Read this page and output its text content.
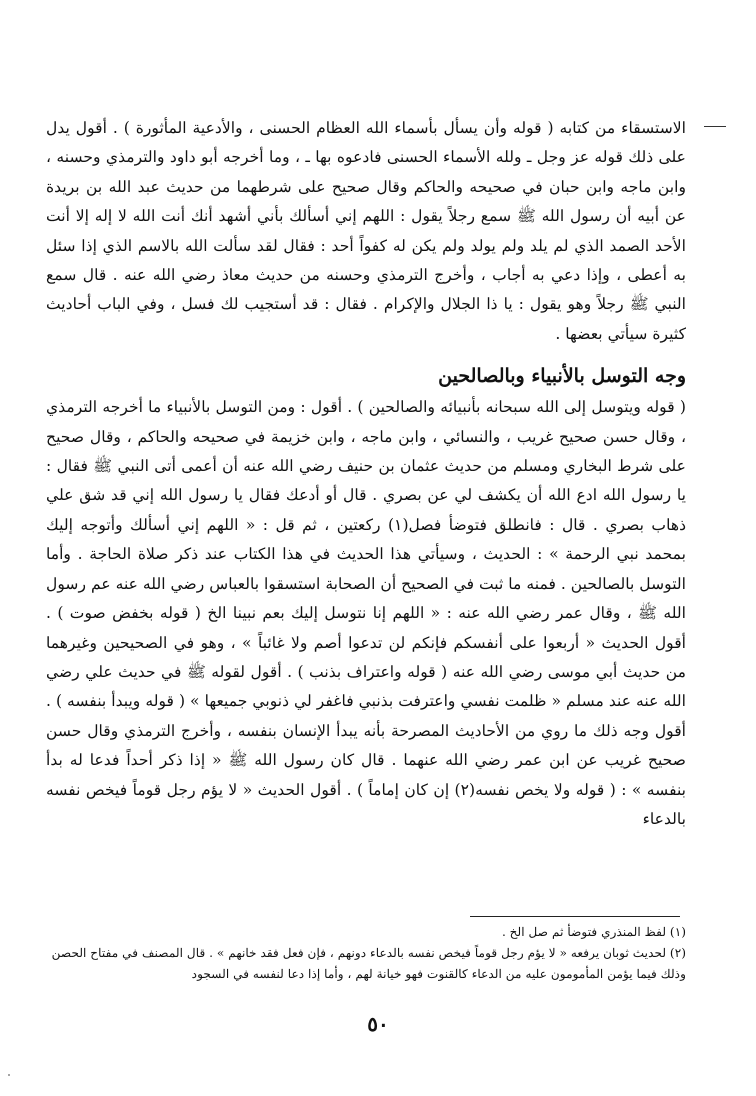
الاستسقاء من كتابه ( قوله وأن يسأل بأسماء الله العظام الحسنى ، والأدعية المأثورة ) . أقول يدل على ذلك قوله عز وجل ـ ولله الأسماء الحسنى فادعوه بها ـ ، وما أخرجه أبو داود والترمذي وحسنه ، وابن ماجه وابن حبان في صحيحه والحاكم وقال صحيح على شرطهما من حديث عبد الله بن بريدة عن أبيه أن رسول الله ﷺ سمع رجلاً يقول : اللهم إني أسألك بأني أشهد أنك أنت الله لا إله إلا أنت الأحد الصمد الذي لم يلد ولم يولد ولم يكن له كفواً أحد : فقال لقد سألت الله بالاسم الذي إذا سئل به أعطى ، وإذا دعي به أجاب ، وأخرج الترمذي وحسنه من حديث معاذ رضي الله عنه . قال سمع النبي ﷺ رجلاً وهو يقول : يا ذا الجلال والإكرام . فقال : قد أستجيب لك فسل ، وفي الباب أحاديث كثيرة سيأتي بعضها .

وجه التوسل بالأنبياء وبالصالحين

( قوله ويتوسل إلى الله سبحانه بأنبيائه والصالحين ) . أقول : ومن التوسل بالأنبياء ما أخرجه الترمذي ، وقال حسن صحيح غريب ، والنسائي ، وابن ماجه ، وابن خزيمة في صحيحه والحاكم ، وقال صحيح على شرط البخاري ومسلم من حديث عثمان بن حنيف رضي الله عنه أن أعمى أتى النبي ﷺ فقال : يا رسول الله ادع الله أن يكشف لي عن بصري . قال أو أدعك فقال يا رسول الله إني قد شق علي ذهاب بصري . قال : فانطلق فتوضأ فصل(١) ركعتين ، ثم قل : « اللهم إني أسألك وأتوجه إليك بمحمد نبي الرحمة » : الحديث ، وسيأتي هذا الحديث في هذا الكتاب عند ذكر صلاة الحاجة . وأما التوسل بالصالحين . فمنه ما ثبت في الصحيح أن الصحابة استسقوا بالعباس رضي الله عنه عم رسول الله ﷺ ، وقال عمر رضي الله عنه : « اللهم إنا نتوسل إليك بعم نبينا الخ ( قوله بخفض صوت ) . أقول الحديث « أربعوا على أنفسكم فإنكم لن تدعوا أصم ولا غائباً » ، وهو في الصحيحين وغيرهما من حديث أبي موسى رضي الله عنه ( قوله واعتراف بذنب ) . أقول لقوله ﷺ في حديث علي رضي الله عنه عند مسلم « ظلمت نفسي واعترفت بذنبي فاغفر لي ذنوبي جميعها » ( قوله ويبدأ بنفسه ) . أقول وجه ذلك ما روي من الأحاديث المصرحة بأنه يبدأ الإنسان بنفسه ، وأخرج الترمذي وقال حسن صحيح غريب عن ابن عمر رضي الله عنهما . قال كان رسول الله ﷺ « إذا ذكر أحداً فدعا له بدأ بنفسه » : ( قوله ولا يخص نفسه(٢) إن كان إماماً ) . أقول الحديث « لا يؤم رجل قوماً فيخص نفسه بالدعاء

(١) لفظ المنذري فتوضأ ثم صل الخ .

(٢) لحديث ثوبان يرفعه « لا يؤم رجل قوماً فيخص نفسه بالدعاء دونهم ، فإن فعل فقد خانهم » . قال المصنف في مفتاح الحصن وذلك فيما يؤمن المأمومون عليه من الدعاء كالقنوت فهو خيانة لهم ، وأما إذا دعا لنفسه في السجود

٥٠
